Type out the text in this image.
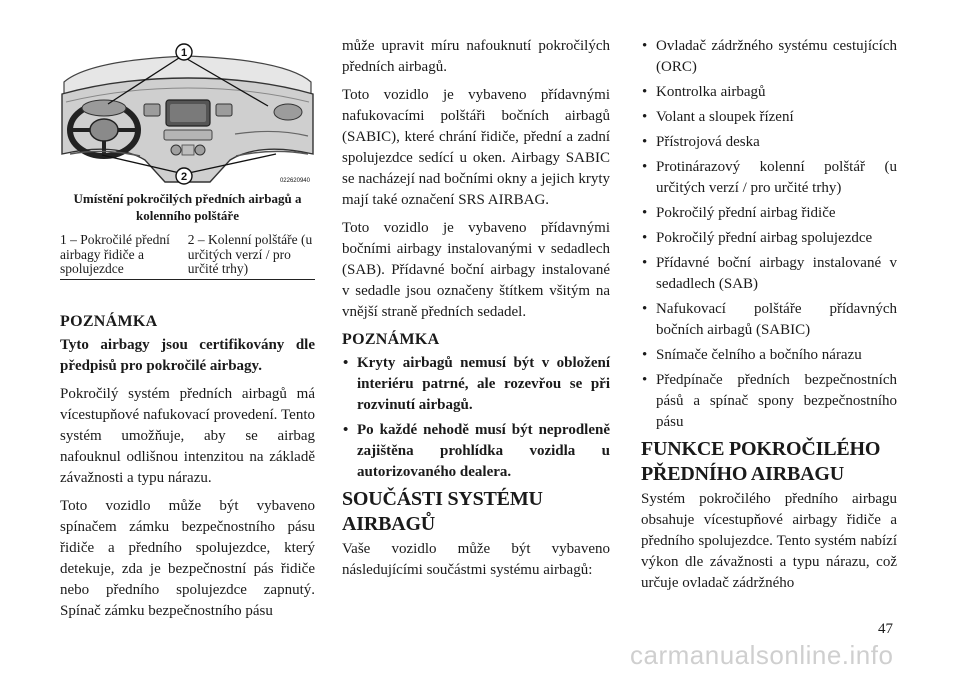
1
2	022620940
Umístění pokročilých předních airbagů a kolenního polštáře
1 – Pokročilé přední airbagy řidiče a spolujezdce
2 – Kolenní polštáře (u určitých verzí / pro určité trhy)
POZNÁMKA

Tyto airbagy jsou certifikovány dle předpisů pro pokročilé airbagy.

Pokročilý systém předních airbagů má vícestupňové nafukovací provedení. Tento systém umožňuje, aby se airbag nafouknul odlišnou intenzitou na základě závažnosti a typu nárazu.

Toto vozidlo může být vybaveno spínačem zámku bezpečnostního pásu řidiče a předního spolujezdce, který detekuje, zda je bezpečnostní pás řidiče nebo předního spolujezdce zapnutý. Spínač zámku bezpečnostního pásu

může upravit míru nafouknutí pokročilých předních airbagů.

Toto vozidlo je vybaveno přídavnými nafukovacími polštáři bočních airbagů (SABIC), které chrání řidiče, přední a zadní spolujezdce sedící u oken. Airbagy SABIC se nacházejí nad bočními okny a jejich kryty mají také označení SRS AIRBAG.

Toto vozidlo je vybaveno přídavnými bočními airbagy instalovanými v sedadlech (SAB). Přídavné boční airbagy instalované v sedadle jsou označeny štítkem všitým na vnější straně předních sedadel.

POZNÁMKA
• Kryty airbagů nemusí být v obložení interiéru patrné, ale rozevřou se při rozvinutí airbagů.
• Po každé nehodě musí být neprodleně zajištěna prohlídka vozidla u autorizovaného dealera.
SOUČÁSTI SYSTÉMU AIRBAGŮ

Vaše vozidlo může být vybaveno následujícími součástmi systému airbagů:

• Ovladač zádržného systému cestujících (ORC)
• Kontrolka airbagů
• Volant a sloupek řízení
• Přístrojová deska
• Protinárazový kolenní polštář (u určitých verzí / pro určité trhy)
• Pokročilý přední airbag řidiče
• Pokročilý přední airbag spolujezdce
• Přídavné boční airbagy instalované v sedadlech (SAB)
• Nafukovací polštáře přídavných bočních airbagů (SABIC)
• Snímače čelního a bočního nárazu
• Předpínače předních bezpečnostních pásů a spínač spony bezpečnostního pásu
FUNKCE POKROČILÉHO PŘEDNÍHO AIRBAGU

Systém pokročilého předního airbagu obsahuje vícestupňové airbagy řidiče a předního spolujezdce. Tento systém nabízí výkon dle závažnosti a typu nárazu, což určuje ovladač zádržného

47
carmanualsonline.info
